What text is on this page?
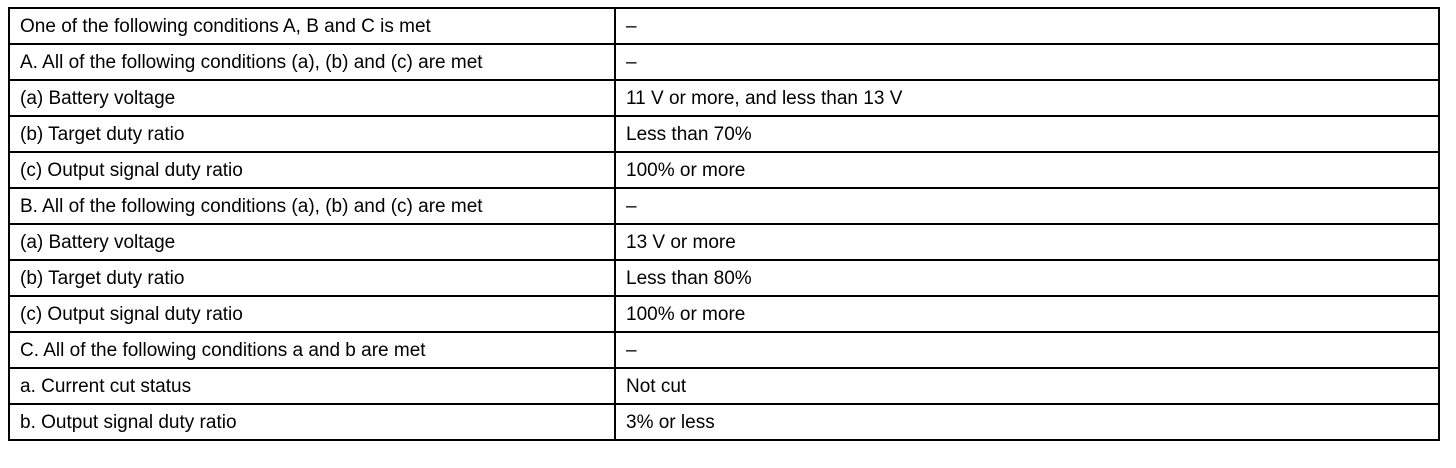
One of the following conditions A, B and C is met	–
A. All of the following conditions (a), (b) and (c) are met	–
(a) Battery voltage	11 V or more, and less than 13 V
(b) Target duty ratio	Less than 70%
(c) Output signal duty ratio	100% or more
B. All of the following conditions (a), (b) and (c) are met	–
(a) Battery voltage	13 V or more
(b) Target duty ratio	Less than 80%
(c) Output signal duty ratio	100% or more
C. All of the following conditions a and b are met	–
a. Current cut status	Not cut
b. Output signal duty ratio	3% or less
